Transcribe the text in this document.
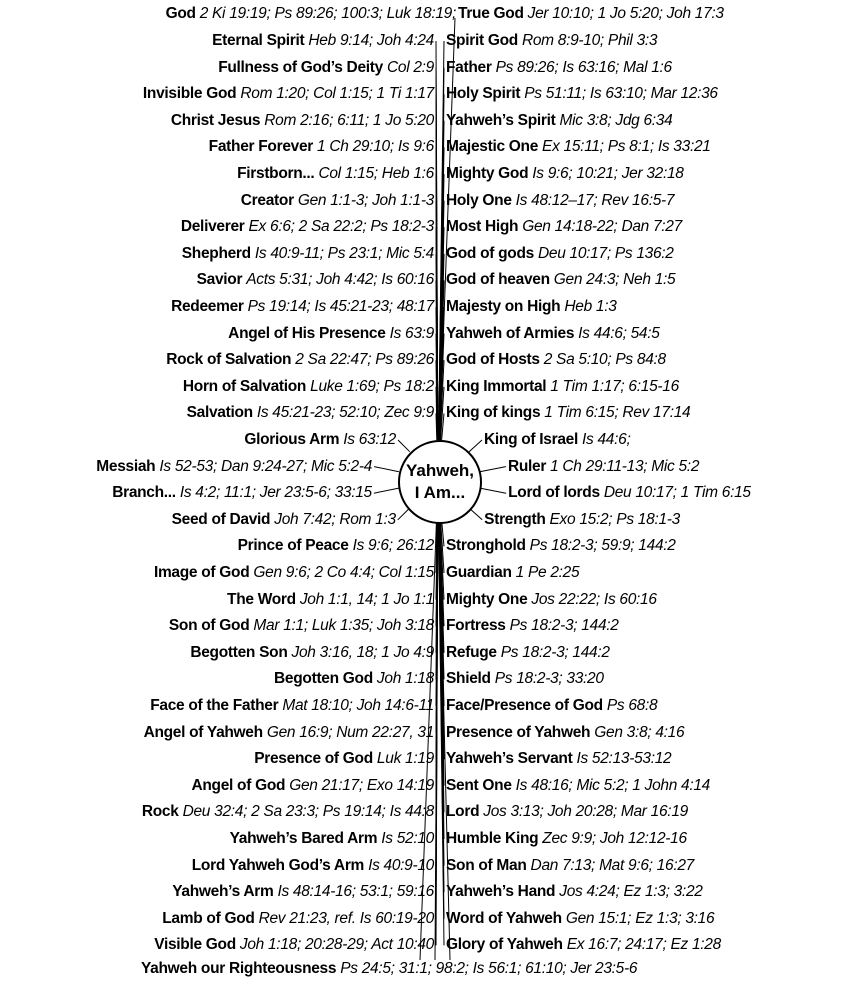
Eternal Spirit Heb 9:14; Joh 4:24
Fullness of God’s Deity Col 2:9
Invisible God Rom 1:20; Col 1:15; 1 Ti 1:17
Christ Jesus Rom 2:16; 6:11; 1 Jo 5:20
Father Forever 1 Ch 29:10; Is 9:6
Firstborn... Col 1:15; Heb 1:6
Creator Gen 1:1-3; Joh 1:1-3
Deliverer Ex 6:6; 2 Sa 22:2; Ps 18:2-3
Shepherd Is 40:9-11; Ps 23:1; Mic 5:4
Savior Acts 5:31; Joh 4:42; Is 60:16
Redeemer Ps 19:14; Is 45:21-23; 48:17
Angel of His Presence Is 63:9
Rock of Salvation 2 Sa 22:47; Ps 89:26
Horn of Salvation Luke 1:69; Ps 18:2
Salvation Is 45:21-23; 52:10; Zec 9:9
Glorious Arm Is 63:12
Messiah Is 52-53; Dan 9:24-27; Mic 5:2-4
Branch... Is 4:2; 11:1; Jer 23:5-6; 33:15
Seed of David Joh 7:42; Rom 1:3
Prince of Peace Is 9:6; 26:12
Image of God Gen 9:6; 2 Co 4:4; Col 1:15
The Word Joh 1:1, 14; 1 Jo 1:1
Son of God Mar 1:1; Luk 1:35; Joh 3:18
Begotten Son Joh 3:16, 18; 1 Jo 4:9
Begotten God Joh 1:18
Face of the Father Mat 18:10; Joh 14:6-11
Angel of Yahweh Gen 16:9; Num 22:27, 31
Presence of God Luk 1:19
Angel of God Gen 21:17; Exo 14:19
Rock Deu 32:4; 2 Sa 23:3; Ps 19:14; Is 44:8
Yahweh’s Bared Arm Is 52:10
Lord Yahweh God’s Arm Is 40:9-10
Yahweh’s Arm Is 48:14-16; 53:1; 59:16
Lamb of God Rev 21:23, ref. Is 60:19-20
Visible God Joh 1:18; 20:28-29; Act 10:40
Spirit God Rom 8:9-10; Phil 3:3
Father Ps 89:26; Is 63:16; Mal 1:6
Holy Spirit Ps 51:11; Is 63:10; Mar 12:36
Yahweh’s Spirit Mic 3:8; Jdg 6:34
Majestic One Ex 15:11; Ps 8:1; Is 33:21
Mighty God Is 9:6; 10:21; Jer 32:18
Holy One Is 48:12–17; Rev 16:5-7
Most High Gen 14:18-22; Dan 7:27
God of gods Deu 10:17; Ps 136:2
God of heaven Gen 24:3; Neh 1:5
Majesty on High Heb 1:3
Yahweh of Armies Is 44:6; 54:5
God of Hosts 2 Sa 5:10; Ps 84:8
King Immortal 1 Tim 1:17; 6:15-16
King of kings 1 Tim 6:15; Rev 17:14
King of Israel Is 44:6;
Ruler 1 Ch 29:11-13; Mic 5:2
Lord of lords Deu 10:17; 1 Tim 6:15
Strength Exo 15:2; Ps 18:1-3
Stronghold Ps 18:2-3; 59:9; 144:2
Guardian 1 Pe 2:25
Mighty One Jos 22:22; Is 60:16
Fortress Ps 18:2-3; 144:2
Refuge Ps 18:2-3; 144:2
Shield Ps 18:2-3; 33:20
Face/Presence of God Ps 68:8
Presence of Yahweh Gen 3:8; 4:16
Yahweh’s Servant Is 52:13-53:12
Sent One Is 48:16; Mic 5:2; 1 John 4:14
Lord Jos 3:13; Joh 20:28; Mar 16:19
Humble King Zec 9:9; Joh 12:12-16
Son of Man Dan 7:13; Mat 9:6; 16:27
Yahweh’s Hand Jos 4:24; Ez 1:3; 3:22
Word of Yahweh Gen 15:1; Ez 1:3; 3:16
Glory of Yahweh Ex 16:7; 24:17; Ez 1:28
God 2 Ki 19:19; Ps 89:26; 100:3; Luk 18:19; True God Jer 10:10; 1 Jo 5:20; Joh 17:3
Yahweh our Righteousness Ps 24:5; 31:1; 98:2; Is 56:1; 61:10; Jer 23:5-6
Yahweh,
I Am...
